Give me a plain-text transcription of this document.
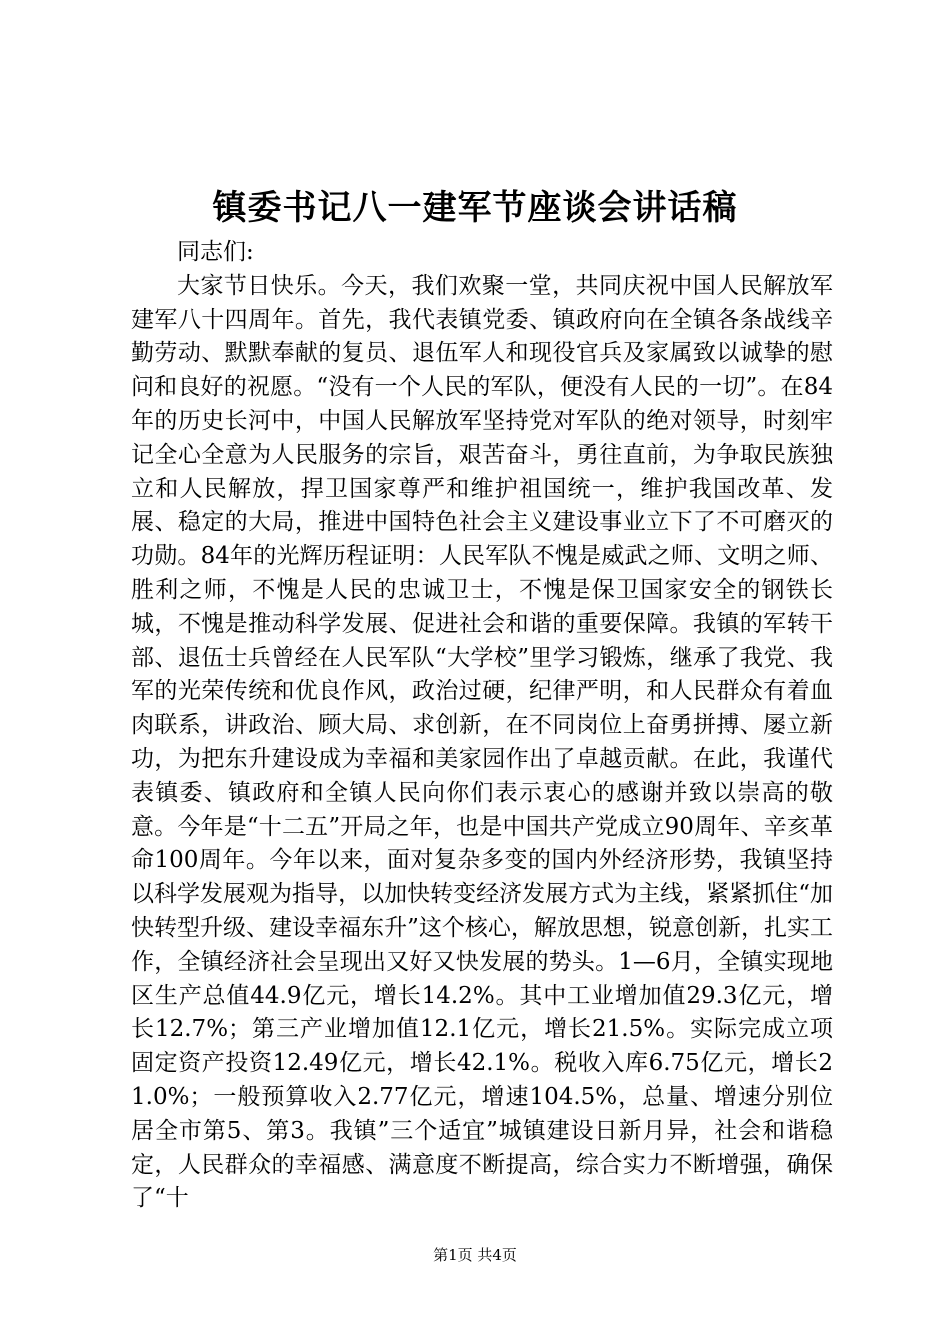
镇委书记八一建军节座谈会讲话稿

同志们:

大家节日快乐。今天，我们欢聚一堂，共同庆祝中国人民解放军建军八十四周年。首先，我代表镇党委、镇政府向在全镇各条战线辛勤劳动、默默奉献的复员、退伍军人和现役官兵及家属致以诚挚的慰问和良好的祝愿。“没有一个人民的军队，便没有人民的一切”。在84年的历史长河中，中国人民解放军坚持党对军队的绝对领导，时刻牢记全心全意为人民服务的宗旨，艰苦奋斗，勇往直前，为争取民族独立和人民解放，捍卫国家尊严和维护祖国统一，维护我国改革、发展、稳定的大局，推进中国特色社会主义建设事业立下了不可磨灭的功勋。84年的光辉历程证明：人民军队不愧是威武之师、文明之师、胜利之师，不愧是人民的忠诚卫士，不愧是保卫国家安全的钢铁长城，不愧是推动科学发展、促进社会和谐的重要保障。我镇的军转干部、退伍士兵曾经在人民军队“大学校”里学习锻炼，继承了我党、我军的光荣传统和优良作风，政治过硬，纪律严明，和人民群众有着血肉联系，讲政治、顾大局、求创新，在不同岗位上奋勇拼搏、屡立新功，为把东升建设成为幸福和美家园作出了卓越贡献。在此，我谨代表镇委、镇政府和全镇人民向你们表示衷心的感谢并致以崇高的敬意。今年是“十二五”开局之年，也是中国共产党成立90周年、辛亥革命100周年。今年以来，面对复杂多变的国内外经济形势，我镇坚持以科学发展观为指导，以加快转变经济发展方式为主线，紧紧抓住“加快转型升级、建设幸福东升”这个核心，解放思想，锐意创新，扎实工作，全镇经济社会呈现出又好又快发展的势头。1—6月，全镇实现地区生产总值44.9亿元，增长14.2%。其中工业增加值29.3亿元，增长12.7%；第三产业增加值12.1亿元，增长21.5%。实际完成立项固定资产投资12.49亿元，增长42.1%。税收入库6.75亿元，增长21.0%；一般预算收入2.77亿元，增速104.5%，总量、增速分别位居全市第5、第3。我镇”三个适宜”城镇建设日新月异，社会和谐稳定，人民群众的幸福感、满意度不断提高，综合实力不断增强，确保了“十

第1页 共4页
